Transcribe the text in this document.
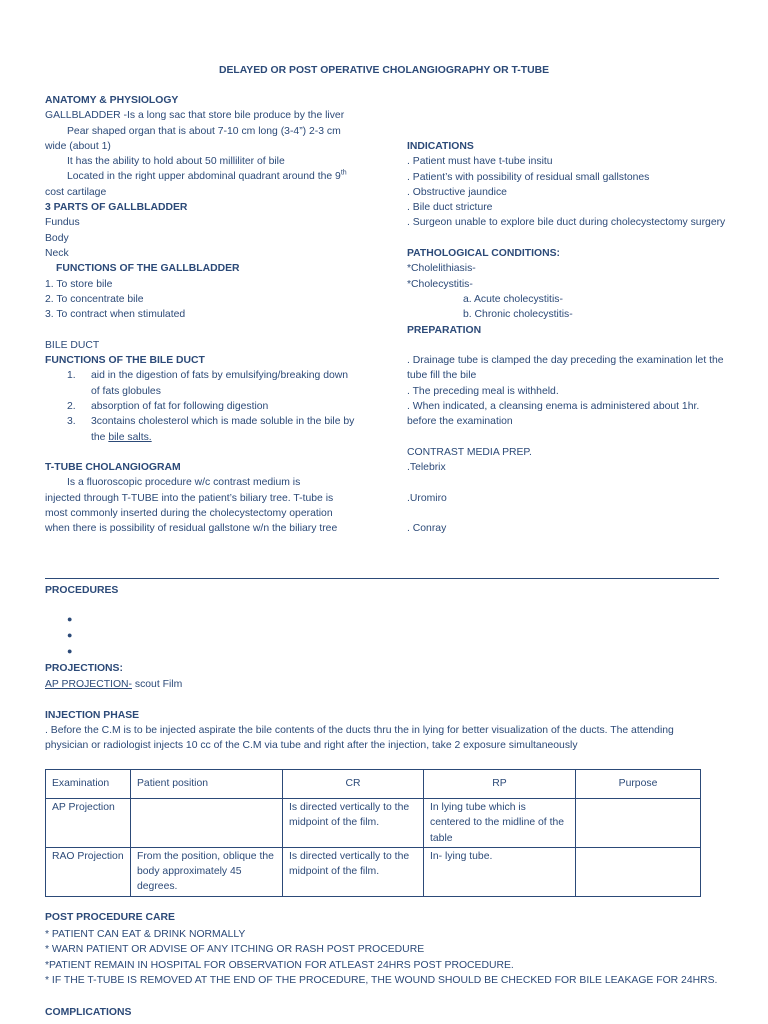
DELAYED OR POST OPERATIVE CHOLANGIOGRAPHY OR T-TUBE

ANATOMY & PHYSIOLOGY

GALLBLADDER -Is a long sac that store bile produce by the liver

Pear shaped organ that is about 7-10 cm long (3-4”) 2-3 cm wide (about 1)

It has the ability to hold about 50 milliliter of bile

Located in the right upper abdominal quadrant around the 9th cost cartilage

3 PARTS OF GALLBLADDER

Fundus

Body

Neck

FUNCTIONS OF THE GALLBLADDER

1. To store bile

2. To concentrate bile

3. To contract when stimulated

BILE DUCT

FUNCTIONS OF THE BILE DUCT

1. aid in the digestion of fats by emulsifying/breaking down of fats globules
2. absorption of fat for following digestion
3. 3contains cholesterol which is made soluble in the bile by the bile salts.

T-TUBE CHOLANGIOGRAM

Is a fluoroscopic procedure w/c contrast medium is

injected through T-TUBE into the patient’s biliary tree. T-tube is most commonly inserted during the cholecystectomy operation when there is possibility of residual gallstone w/n the biliary tree

INDICATIONS

. Patient must have t-tube insitu

. Patient’s with possibility of residual small gallstones

. Obstructive jaundice

. Bile duct stricture

. Surgeon unable to explore bile duct during cholecystectomy surgery

PATHOLOGICAL CONDITIONS:

*Cholelithiasis-

*Cholecystitis-

a. Acute cholecystitis-

b. Chronic cholecystitis-

PREPARATION

. Drainage tube is clamped the day preceding the examination let the tube fill the bile

. The preceding meal is withheld.

. When indicated, a cleansing enema is administered about 1hr. before the examination

CONTRAST MEDIA PREP.

.Telebrix

.Uromiro

. Conray

PROCEDURES

●
●
●

PROJECTIONS:

AP PROJECTION- scout Film

INJECTION PHASE

. Before the C.M is to be injected aspirate the bile contents of the ducts thru the in lying for better visualization of the ducts. The attending physician or radiologist injects 10 cc of the C.M via tube and right after the injection, take 2 exposure simultaneously

Examination	Patient position	CR	RP	Purpose
AP Projection		Is directed vertically to the midpoint of the film.	In lying tube which is centered to the midline of the table	
RAO Projection	From the position, oblique the body approximately 45 degrees.	Is directed vertically to the midpoint of the film.	In- lying tube.	

POST PROCEDURE CARE

* PATIENT CAN EAT & DRINK NORMALLY

* WARN PATIENT OR ADVISE OF ANY ITCHING OR RASH POST PROCEDURE

*PATIENT REMAIN IN HOSPITAL FOR OBSERVATION FOR ATLEAST 24HRS POST PROCEDURE.

* IF THE T-TUBE IS REMOVED AT THE END OF THE PROCEDURE, THE WOUND SHOULD BE CHECKED FOR BILE LEAKAGE FOR 24HRS.

COMPLICATIONS
